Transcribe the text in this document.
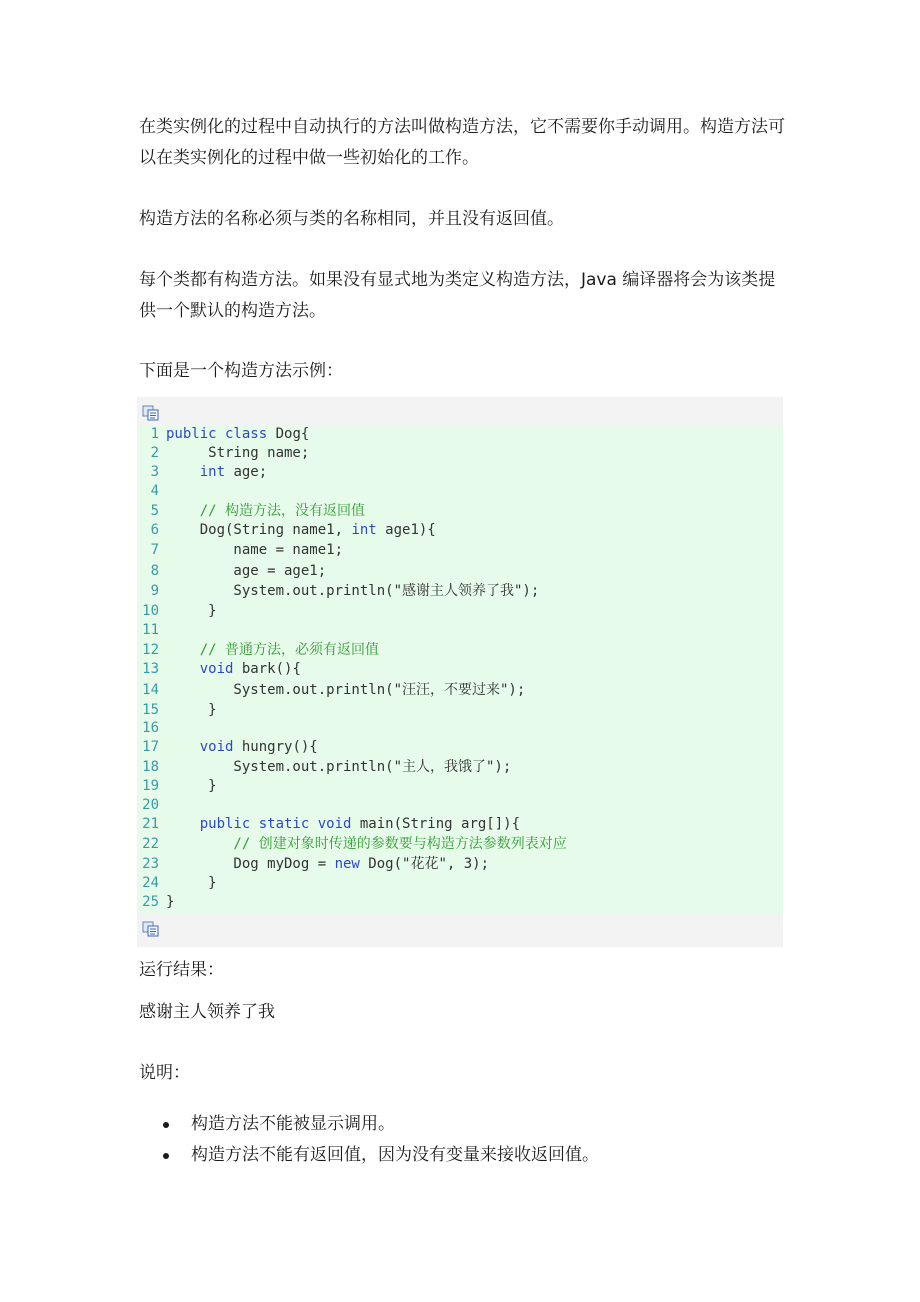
在类实例化的过程中自动执行的方法叫做构造方法，它不需要你手动调用。构造方法可以在类实例化的过程中做一些初始化的工作。

构造方法的名称必须与类的名称相同，并且没有返回值。

每个类都有构造方法。如果没有显式地为类定义构造方法，Java 编译器将会为该类提供一个默认的构造方法。

下面是一个构造方法示例：

1 public class Dog{
2 String name;
3	int age;
4
5 // 构造方法，没有返回值
6 Dog(String name1, int age1){
7 name = name1;
8 age = age1;
9 System.out.println("感谢主人领养了我");
10 }
11
12 // 普通方法，必须有返回值
13	void bark(){
14 System.out.println("汪汪，不要过来");
15 }
16
17	void hungry(){
18 System.out.println("主人，我饿了");
19 }
20
21	public static void main(String arg[]){
22 // 创建对象时传递的参数要与构造方法参数列表对应
23 Dog myDog = new Dog("花花", 3);
24 }
25 }

运行结果：

感谢主人领养了我

说明：

构造方法不能被显示调用。
构造方法不能有返回值，因为没有变量来接收返回值。
